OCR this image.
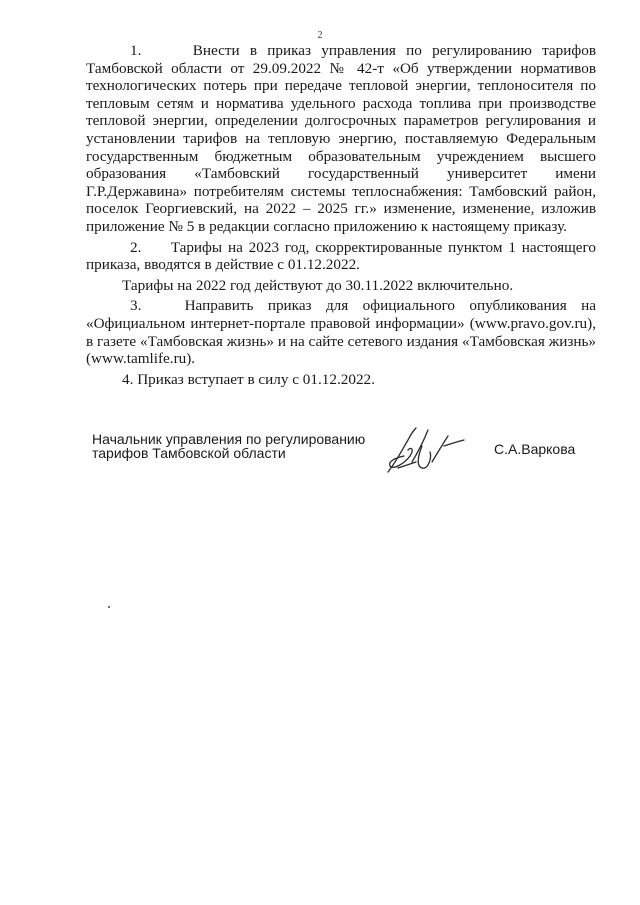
2

1.     Внести в приказ управления по регулированию тарифов Тамбовской области от 29.09.2022 № 42-т «Об утверждении нормативов технологических потерь при передаче тепловой энергии, теплоносителя по тепловым сетям и норматива удельного расхода топлива при производстве тепловой энергии, определении долгосрочных параметров регулирования и установлении тарифов на тепловую энергию, поставляемую Федеральным государственным бюджетным образовательным учреждением высшего образования «Тамбовский государственный университет имени Г.Р.Державина» потребителям системы теплоснабжения: Тамбовский район, поселок Георгиевский, на 2022 – 2025 гг.» изменение, изменение, изложив приложение № 5 в редакции согласно приложению к настоящему приказу.

2.     Тарифы на 2023 год, скорректированные пунктом 1 настоящего приказа, вводятся в действие с 01.12.2022.

Тарифы на 2022 год действуют до 30.11.2022 включительно.

3.   Направить приказ для официального опубликования на «Официальном интернет-портале правовой информации» (www.pravo.gov.ru), в газете «Тамбовская жизнь» и на сайте сетевого издания «Тамбовская жизнь» (www.tamlife.ru).

4. Приказ вступает в силу с 01.12.2022.

Начальник управления по регулированию тарифов Тамбовской области	С.А.Варкова
